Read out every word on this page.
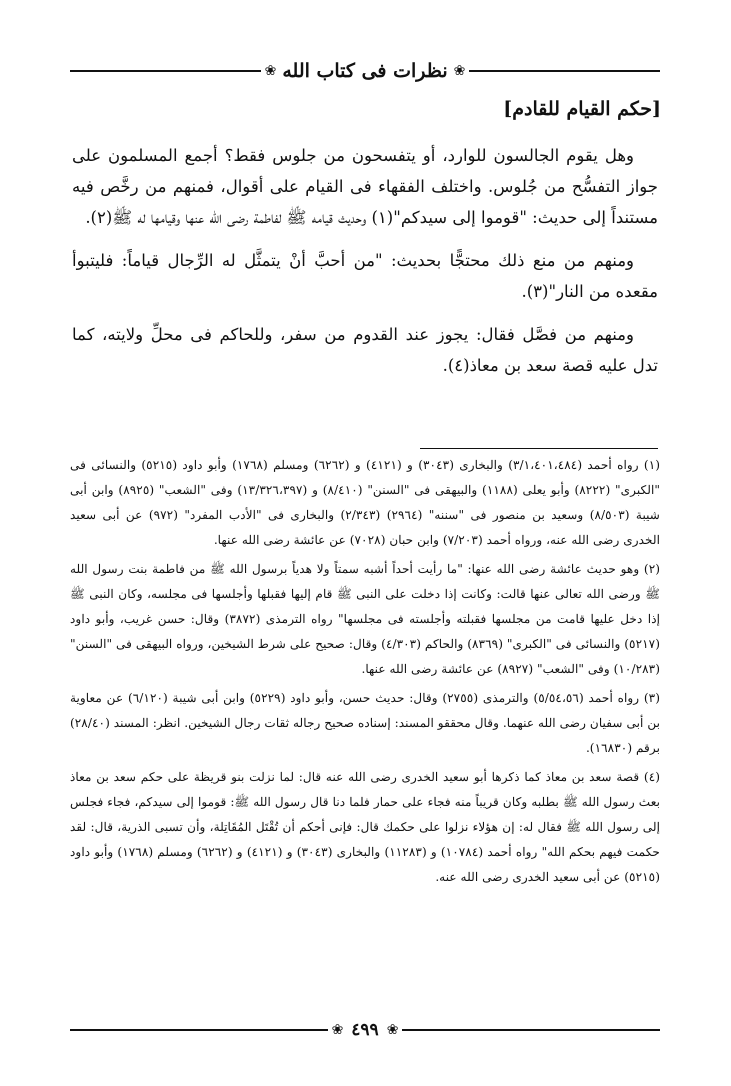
❀
نظرات فى كتاب الله
❀
[حكم القيام للقادم]

وهل يقوم الجالسون للوارد، أو يتفسحون من جلوس فقط؟ أجمع المسلمون على جواز التفسُّح من جُلوس. واختلف الفقهاء فى القيام على أقوال، فمنهم من رخَّص فيه مستنداً إلى حديث: "قوموا إلى سيدكم"(١) وحديث قيامه ﷺ لفاطمة رضى الله عنها وقيامها له ﷺ(٢).

ومنهم من منع ذلك محتجًّا بحديث: "من أحبَّ أنْ يتمثَّل له الرِّجال قياماً: فليتبوأ مقعده من النار"(٣).

ومنهم من فصَّل فقال: يجوز عند القدوم من سفر، وللحاكم فى محلِّ ولايته، كما تدل عليه قصة سعد بن معاذ(٤).

(١) رواه أحمد (٣/١،٤٠١،٤٨٤) والبخارى (٣٠٤٣) و (٤١٢١) و (٦٢٦٢) ومسلم (١٧٦٨) وأبو داود (٥٢١٥) والنسائى فى "الكبرى" (٨٢٢٢) وأبو يعلى (١١٨٨) والبيهقى فى "السنن" (٨/٤١٠) و (١٣/٣٢٦،٣٩٧) وفى "الشعب" (٨٩٢٥) وابن أبى شيبة (٨/٥٠٣) وسعيد بن منصور فى "سننه" (٢٩٦٤) (٢/٣٤٣) والبخارى فى "الأدب المفرد" (٩٧٢) عن أبى سعيد الخدرى رضى الله عنه، ورواه أحمد (٧/٢٠٣) وابن حبان (٧٠٢٨) عن عائشة رضى الله عنها.

(٢) وهو حديث عائشة رضى الله عنها: "ما رأيت أحداً أشبه سمتاً ولا هدياً برسول الله ﷺ من فاطمة بنت رسول الله ﷺ ورضى الله تعالى عنها قالت: وكانت إذا دخلت على النبى ﷺ قام إليها فقبلها وأجلسها فى مجلسه، وكان النبى ﷺ إذا دخل عليها قامت من مجلسها فقبلته وأجلسته فى مجلسها" رواه الترمذى (٣٨٧٢) وقال: حسن غريب، وأبو داود (٥٢١٧) والنسائى فى "الكبرى" (٨٣٦٩) والحاكم (٤/٣٠٣) وقال: صحيح على شرط الشيخين، ورواه البيهقى فى "السنن" (١٠/٢٨٣) وفى "الشعب" (٨٩٢٧) عن عائشة رضى الله عنها.

(٣) رواه أحمد (٥/٥٤،٥٦) والترمذى (٢٧٥٥) وقال: حديث حسن، وأبو داود (٥٢٢٩) وابن أبى شيبة (٦/١٢٠) عن معاوية بن أبى سفيان رضى الله عنهما. وقال محققو المسند: إسناده صحيح رجاله ثقات رجال الشيخين. انظر: المسند (٢٨/٤٠) برقم (١٦٨٣٠).

(٤) قصة سعد بن معاذ كما ذكرها أبو سعيد الخدرى رضى الله عنه قال: لما نزلت بنو قريظة على حكم سعد بن معاذ بعث رسول الله ﷺ بطلبه وكان قريباً منه فجاء على حمار فلما دنا قال رسول الله ﷺ: قوموا إلى سيدكم، فجاء فجلس إلى رسول الله ﷺ فقال له: إن هؤلاء نزلوا على حكمك قال: فإنى أحكم أن تُقْتَل المُقَاتِلة، وأن تسبى الذرية، قال: لقد حكمت فيهم بحكم الله" رواه أحمد (١٠٧٨٤) و (١١٢٨٣) والبخارى (٣٠٤٣) و (٤١٢١) و (٦٢٦٢) ومسلم (١٧٦٨) وأبو داود (٥٢١٥) عن أبى سعيد الخدرى رضى الله عنه.

❀
٤٩٩
❀
